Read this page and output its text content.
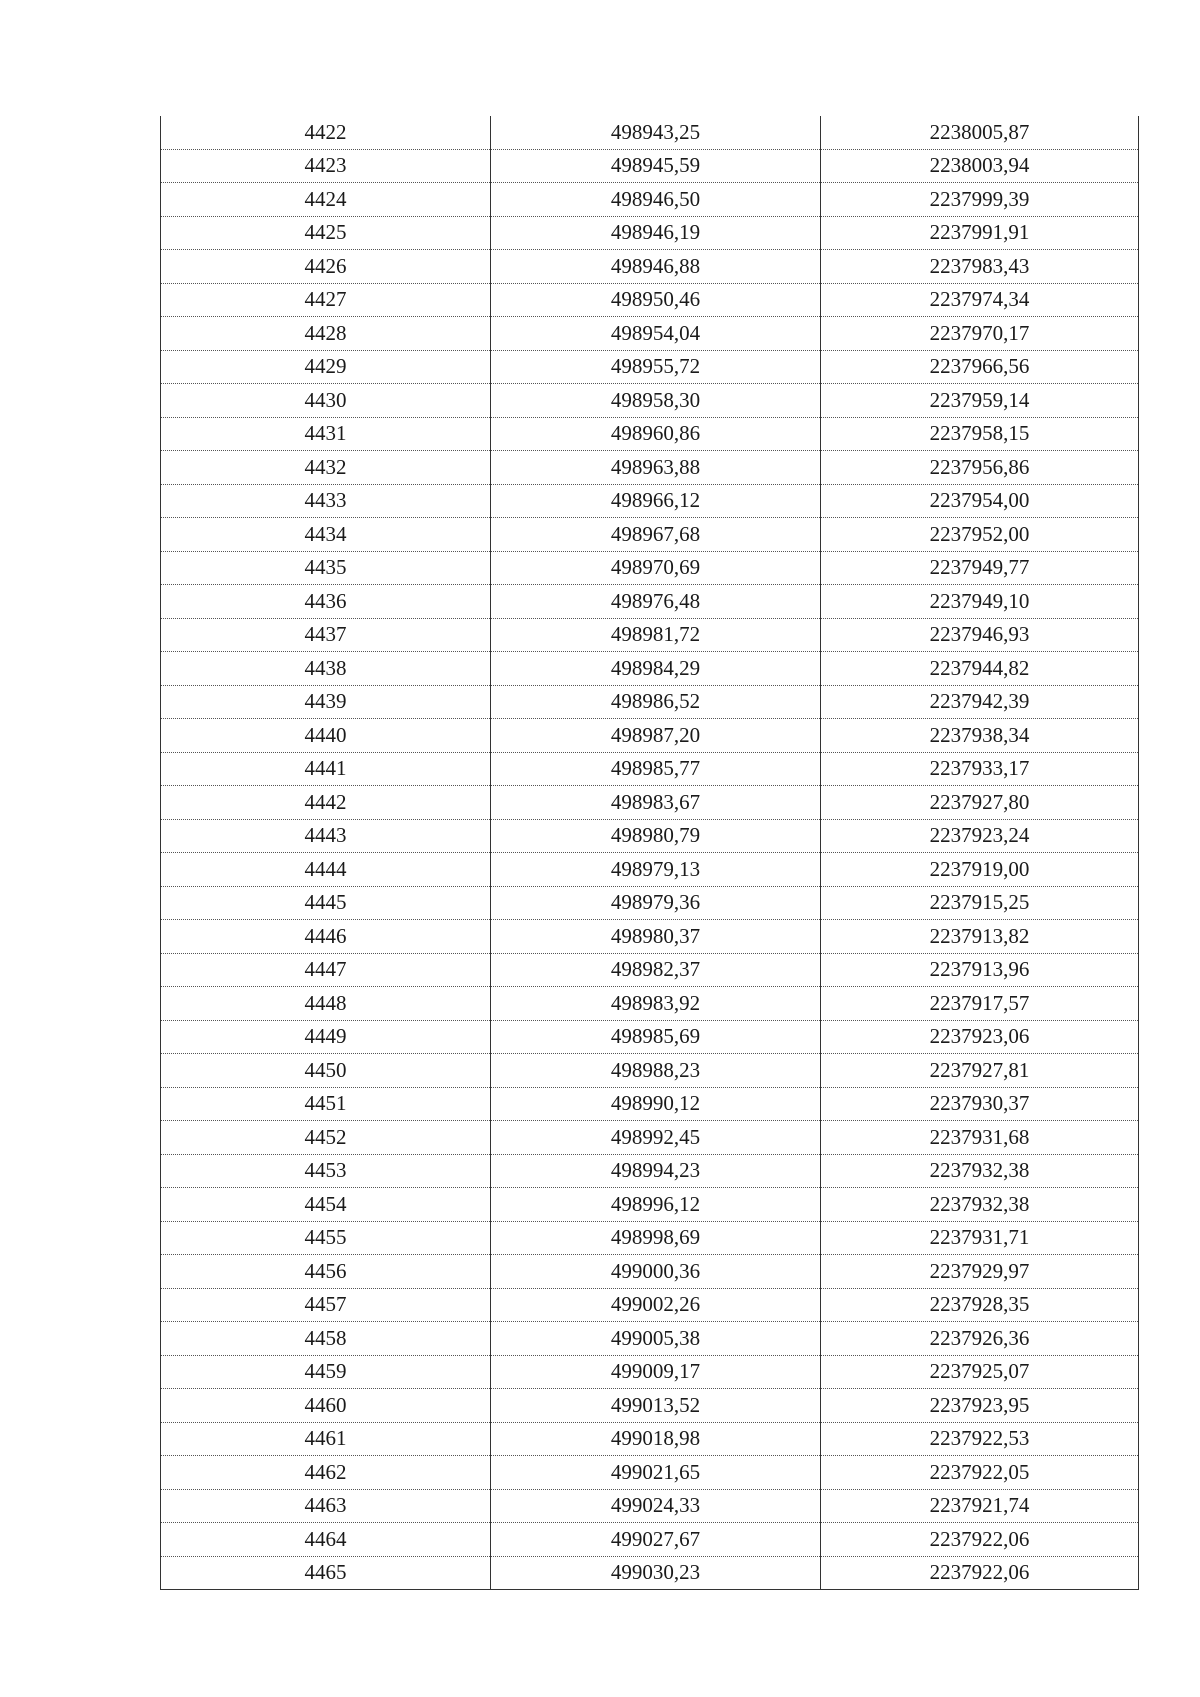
4422	498943,25	2238005,87
4423	498945,59	2238003,94
4424	498946,50	2237999,39
4425	498946,19	2237991,91
4426	498946,88	2237983,43
4427	498950,46	2237974,34
4428	498954,04	2237970,17
4429	498955,72	2237966,56
4430	498958,30	2237959,14
4431	498960,86	2237958,15
4432	498963,88	2237956,86
4433	498966,12	2237954,00
4434	498967,68	2237952,00
4435	498970,69	2237949,77
4436	498976,48	2237949,10
4437	498981,72	2237946,93
4438	498984,29	2237944,82
4439	498986,52	2237942,39
4440	498987,20	2237938,34
4441	498985,77	2237933,17
4442	498983,67	2237927,80
4443	498980,79	2237923,24
4444	498979,13	2237919,00
4445	498979,36	2237915,25
4446	498980,37	2237913,82
4447	498982,37	2237913,96
4448	498983,92	2237917,57
4449	498985,69	2237923,06
4450	498988,23	2237927,81
4451	498990,12	2237930,37
4452	498992,45	2237931,68
4453	498994,23	2237932,38
4454	498996,12	2237932,38
4455	498998,69	2237931,71
4456	499000,36	2237929,97
4457	499002,26	2237928,35
4458	499005,38	2237926,36
4459	499009,17	2237925,07
4460	499013,52	2237923,95
4461	499018,98	2237922,53
4462	499021,65	2237922,05
4463	499024,33	2237921,74
4464	499027,67	2237922,06
4465	499030,23	2237922,06
